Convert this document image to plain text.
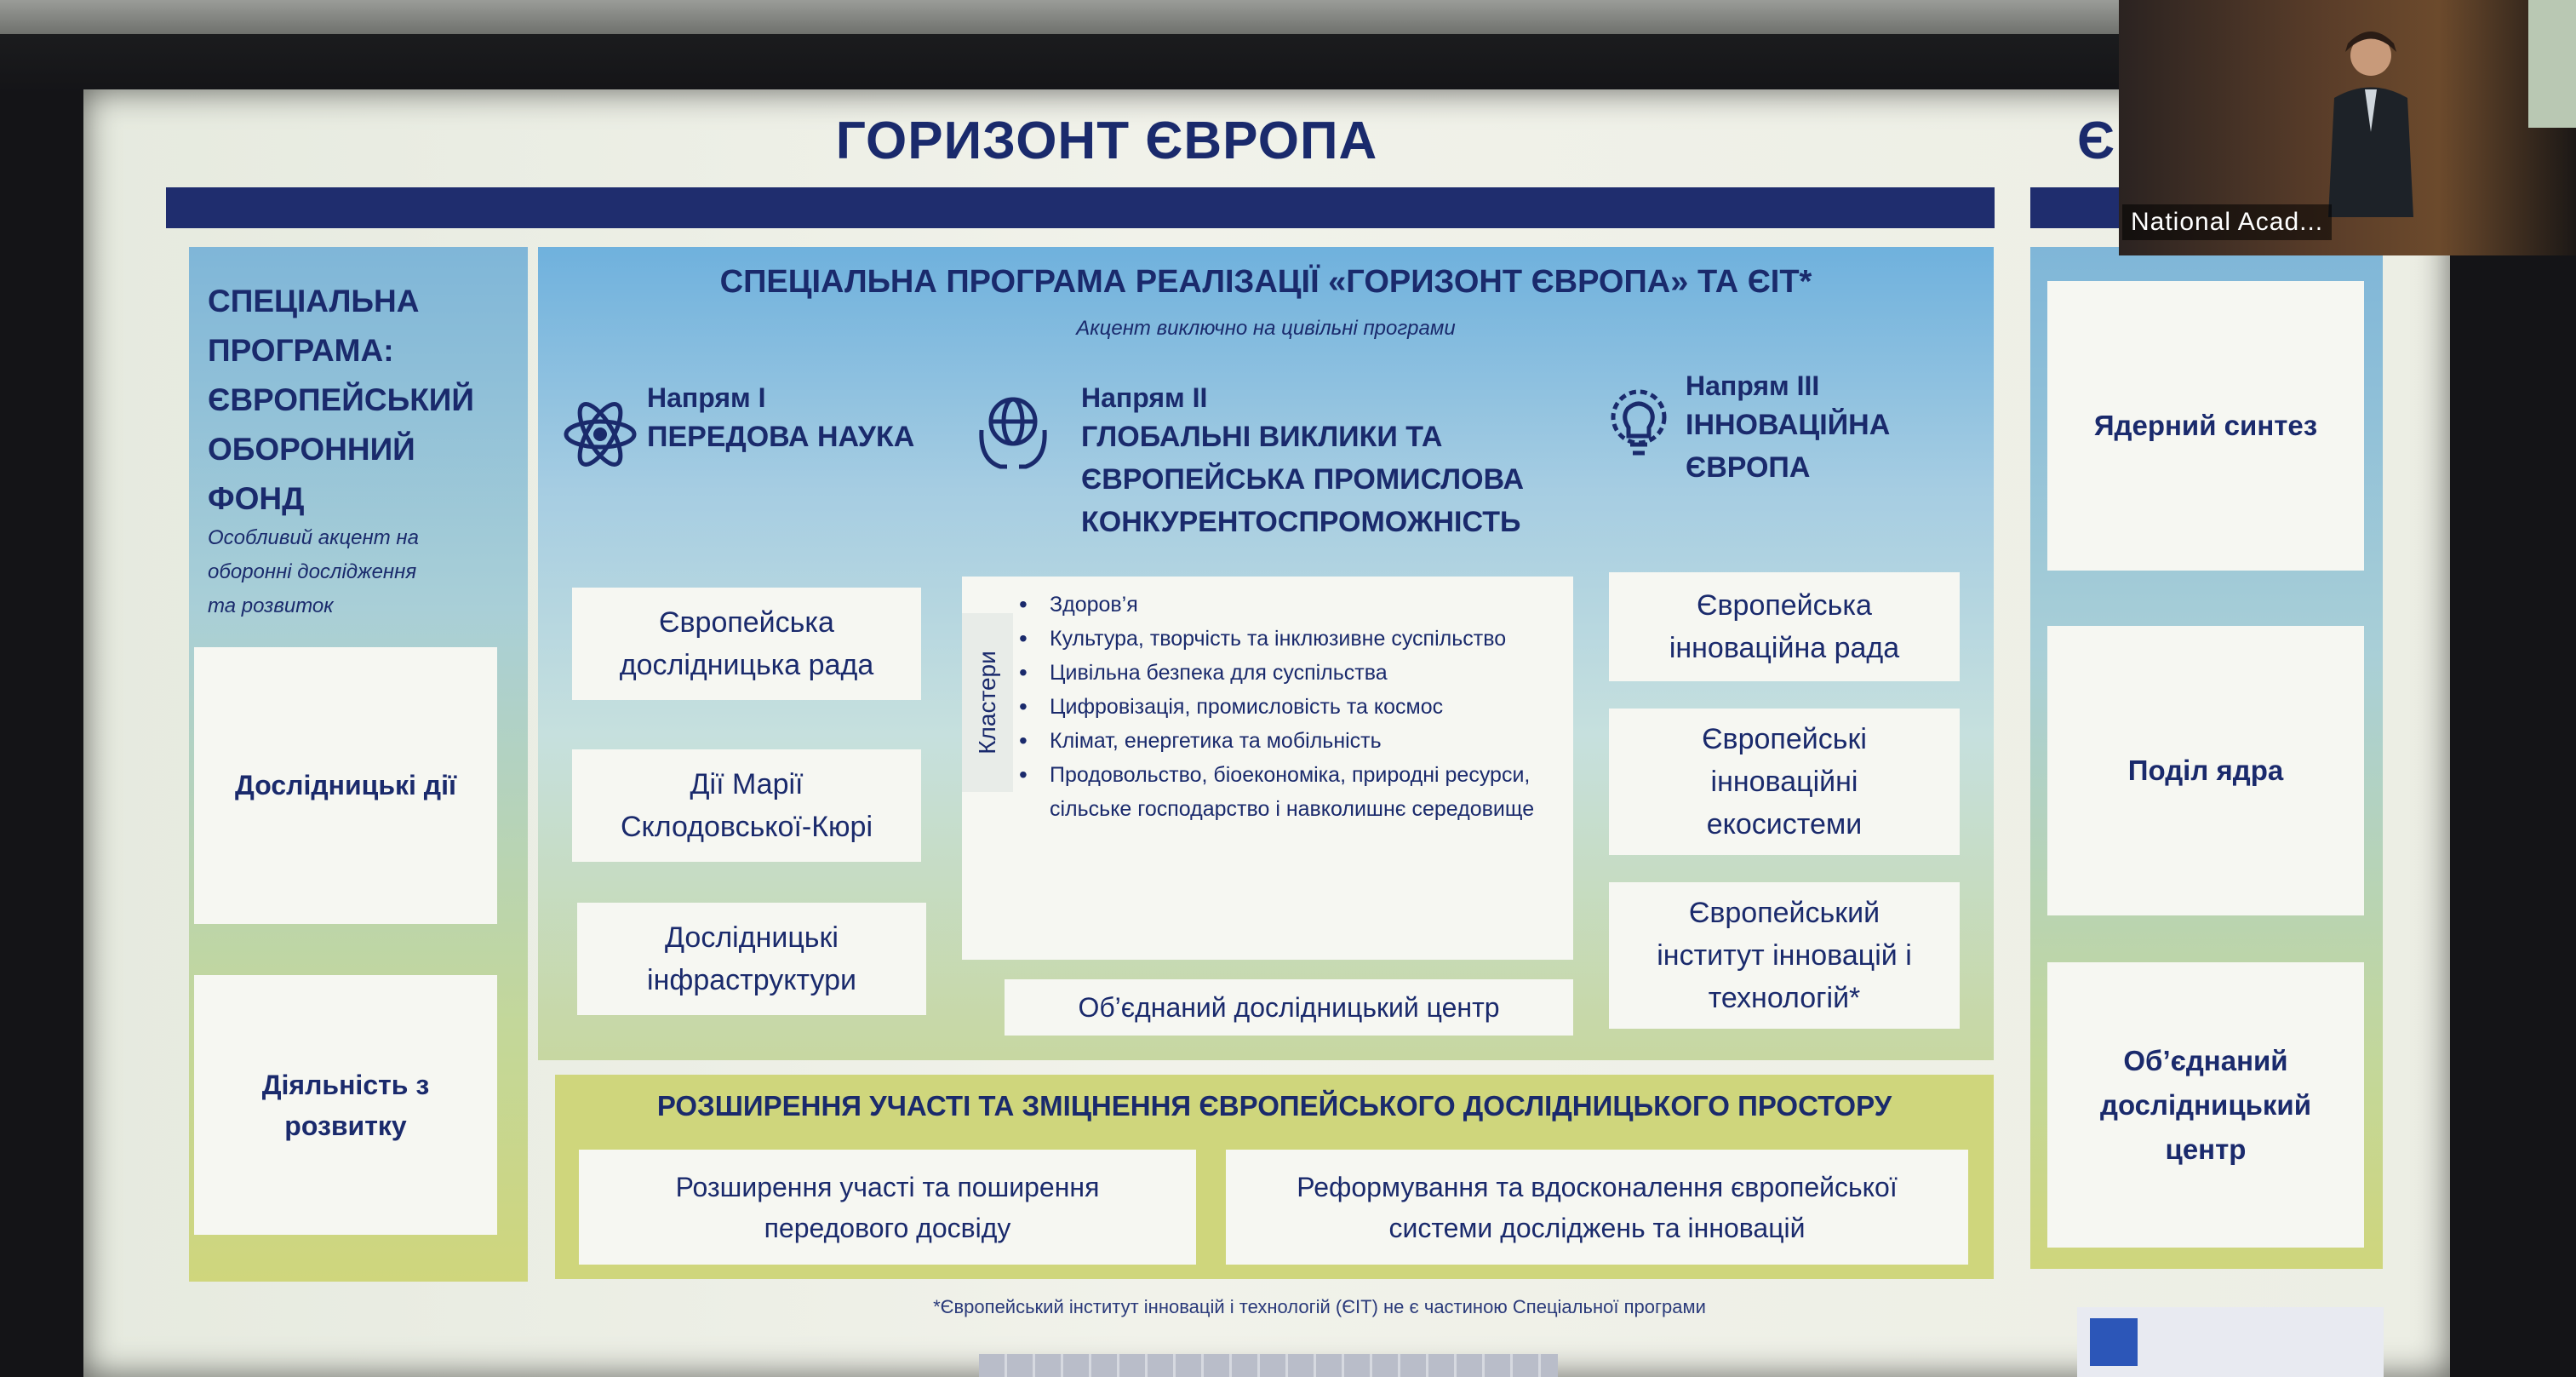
ГОРИЗОНТ ЄВРОПА	Є
СПЕЦІАЛЬНА
ПРОГРАМА:
ЄВРОПЕЙСЬКИЙ
ОБОРОННИЙ
ФОНД
Особливий акцент на
оборонні дослідження
та розвиток
Дослідницькі дії
Діяльність з
розвитку
СПЕЦІАЛЬНА ПРОГРАМА РЕАЛІЗАЦІЇ «ГОРИЗОНТ ЄВРОПА» ТА ЄІТ*
Акцент виключно на цивільні програми
Напрям І
ПЕРЕДОВА НАУКА
Напрям ІІ
ГЛОБАЛЬНІ ВИКЛИКИ ТА
ЄВРОПЕЙСЬКА ПРОМИСЛОВА
КОНКУРЕНТОСПРОМОЖНІСТЬ
Напрям ІІІ
ІННОВАЦІЙНА
ЄВРОПА
Європейська
дослідницька рада
Дії Марії
Склодовської-Кюрі
Дослідницькі
інфраструктури
Кластери
• Здоров’я
• Культура, творчість та інклюзивне суспільство
• Цивільна безпека для суспільства
• Цифровізація, промисловість та космос
• Клімат, енергетика та мобільність
• Продовольство, біоекономіка, природні ресурси, сільське господарство і навколишнє середовище
Об’єднаний дослідницький центр
Європейська
інноваційна рада
Європейські
інноваційні
екосистеми
Європейський
інститут інновацій і
технологій*
РОЗШИРЕННЯ УЧАСТІ ТА ЗМІЦНЕННЯ ЄВРОПЕЙСЬКОГО ДОСЛІДНИЦЬКОГО ПРОСТОРУ
Розширення участі та поширення
передового досвіду
Реформування та вдосконалення європейської
системи досліджень та інновацій
Ядерний синтез
Поділ ядра
Об’єднаний
дослідницький
центр
*Європейський інститут інновацій і технологій (ЄІТ) не є частиною Спеціальної програми
National Acad...
